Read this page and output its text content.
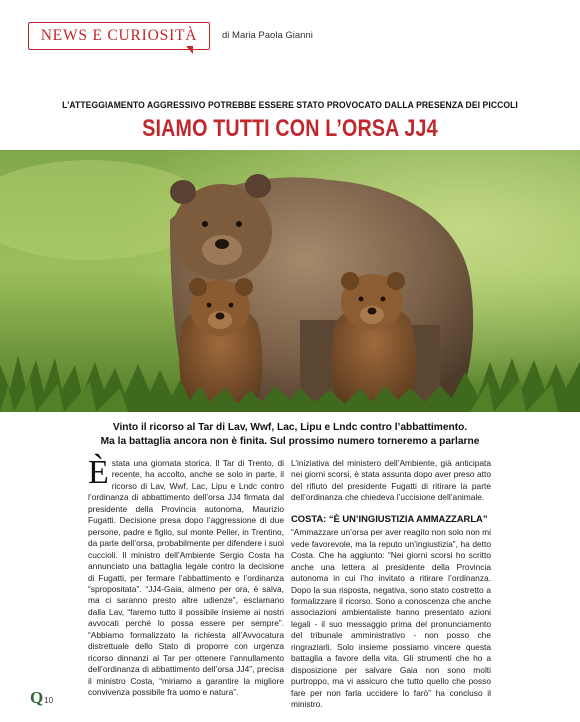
NEWS E CURIOSITÀ	di Maria Paola Gianni
L’ATTEGGIAMENTO AGGRESSIVO POTREBBE ESSERE STATO PROVOCATO DALLA PRESENZA DEI PICCOLI
SIAMO TUTTI CON L’ORSA JJ4
Vinto il ricorso al Tar di Lav, Wwf, Lac, Lipu e Lndc contro l’abbattimento.
Ma la battaglia ancora non è finita. Sul prossimo numero torneremo a parlarne

Èstata una giornata storica. Il Tar di Trento, di recente, ha accolto, anche se solo in parte, il ricorso di Lav, Wwf, Lac, Lipu e Lndc contro l’ordinanza di abbattimento dell’orsa JJ4 firmata dal presidente della Provincia autonoma, Maurizio Fugatti. Decisione presa dopo l’aggressione di due persone, padre e figlio, sul monte Peller, in Trentino, da parte dell’orsa, probabilmente per difendere i suoi cuccioli. Il ministro dell’Ambiente Sergio Costa ha annunciato una battaglia legale contro la decisione di Fugatti, per fermare l’abbattimento e l’ordinanza “spropositata”. “JJ4-Gaia, almeno per ora, è salva, ma ci saranno presto altre udienze”, esclamano dalla Lav, “faremo tutto il possibile insieme ai nostri avvocati perché lo possa essere per sempre”. “Abbiamo formalizzato la richiesta all’Avvocatura distrettuale dello Stato di proporre con urgenza ricorso dinnanzi al Tar per ottenere l’annullamento dell’ordinanza di abbattimento dell’orsa JJ4”, precisa il ministro Costa, “miriamo a garantire la migliore convivenza possibile fra uomo e natura”.

L’iniziativa del ministero dell’Ambiente, già anticipata nei giorni scorsi, è stata assunta dopo aver preso atto del rifiuto del presidente Fugatti di ritirare la parte dell’ordinanza che chiedeva l’uccisione dell’animale.

COSTA: “È UN’INGIUSTIZIA AMMAZZARLA”

“Ammazzare un’orsa per aver reagito non solo non mi vede favorevole, ma la reputo un’ingiustizia”, ha detto Costa. Che ha aggiunto: “Nei giorni scorsi ho scritto anche una lettera al presidente della Provincia autonoma in cui l’ho invitato a ritirare l’ordinanza. Dopo la sua risposta, negativa, sono stato costretto a formalizzare il ricorso. Sono a conoscenza che anche associazioni ambientaliste hanno presentato azioni legali - il suo messaggio prima del pronunciamento del tribunale amministrativo - non posso che ringraziarli. Solo insieme possiamo vincere questa battaglia a favore della vita. Gli strumenti che ho a disposizione per salvare Gaia non sono molti purtroppo, ma vi assicuro che tutto quello che posso fare per non farla uccidere lo farò” ha concluso il ministro.

Q 10
